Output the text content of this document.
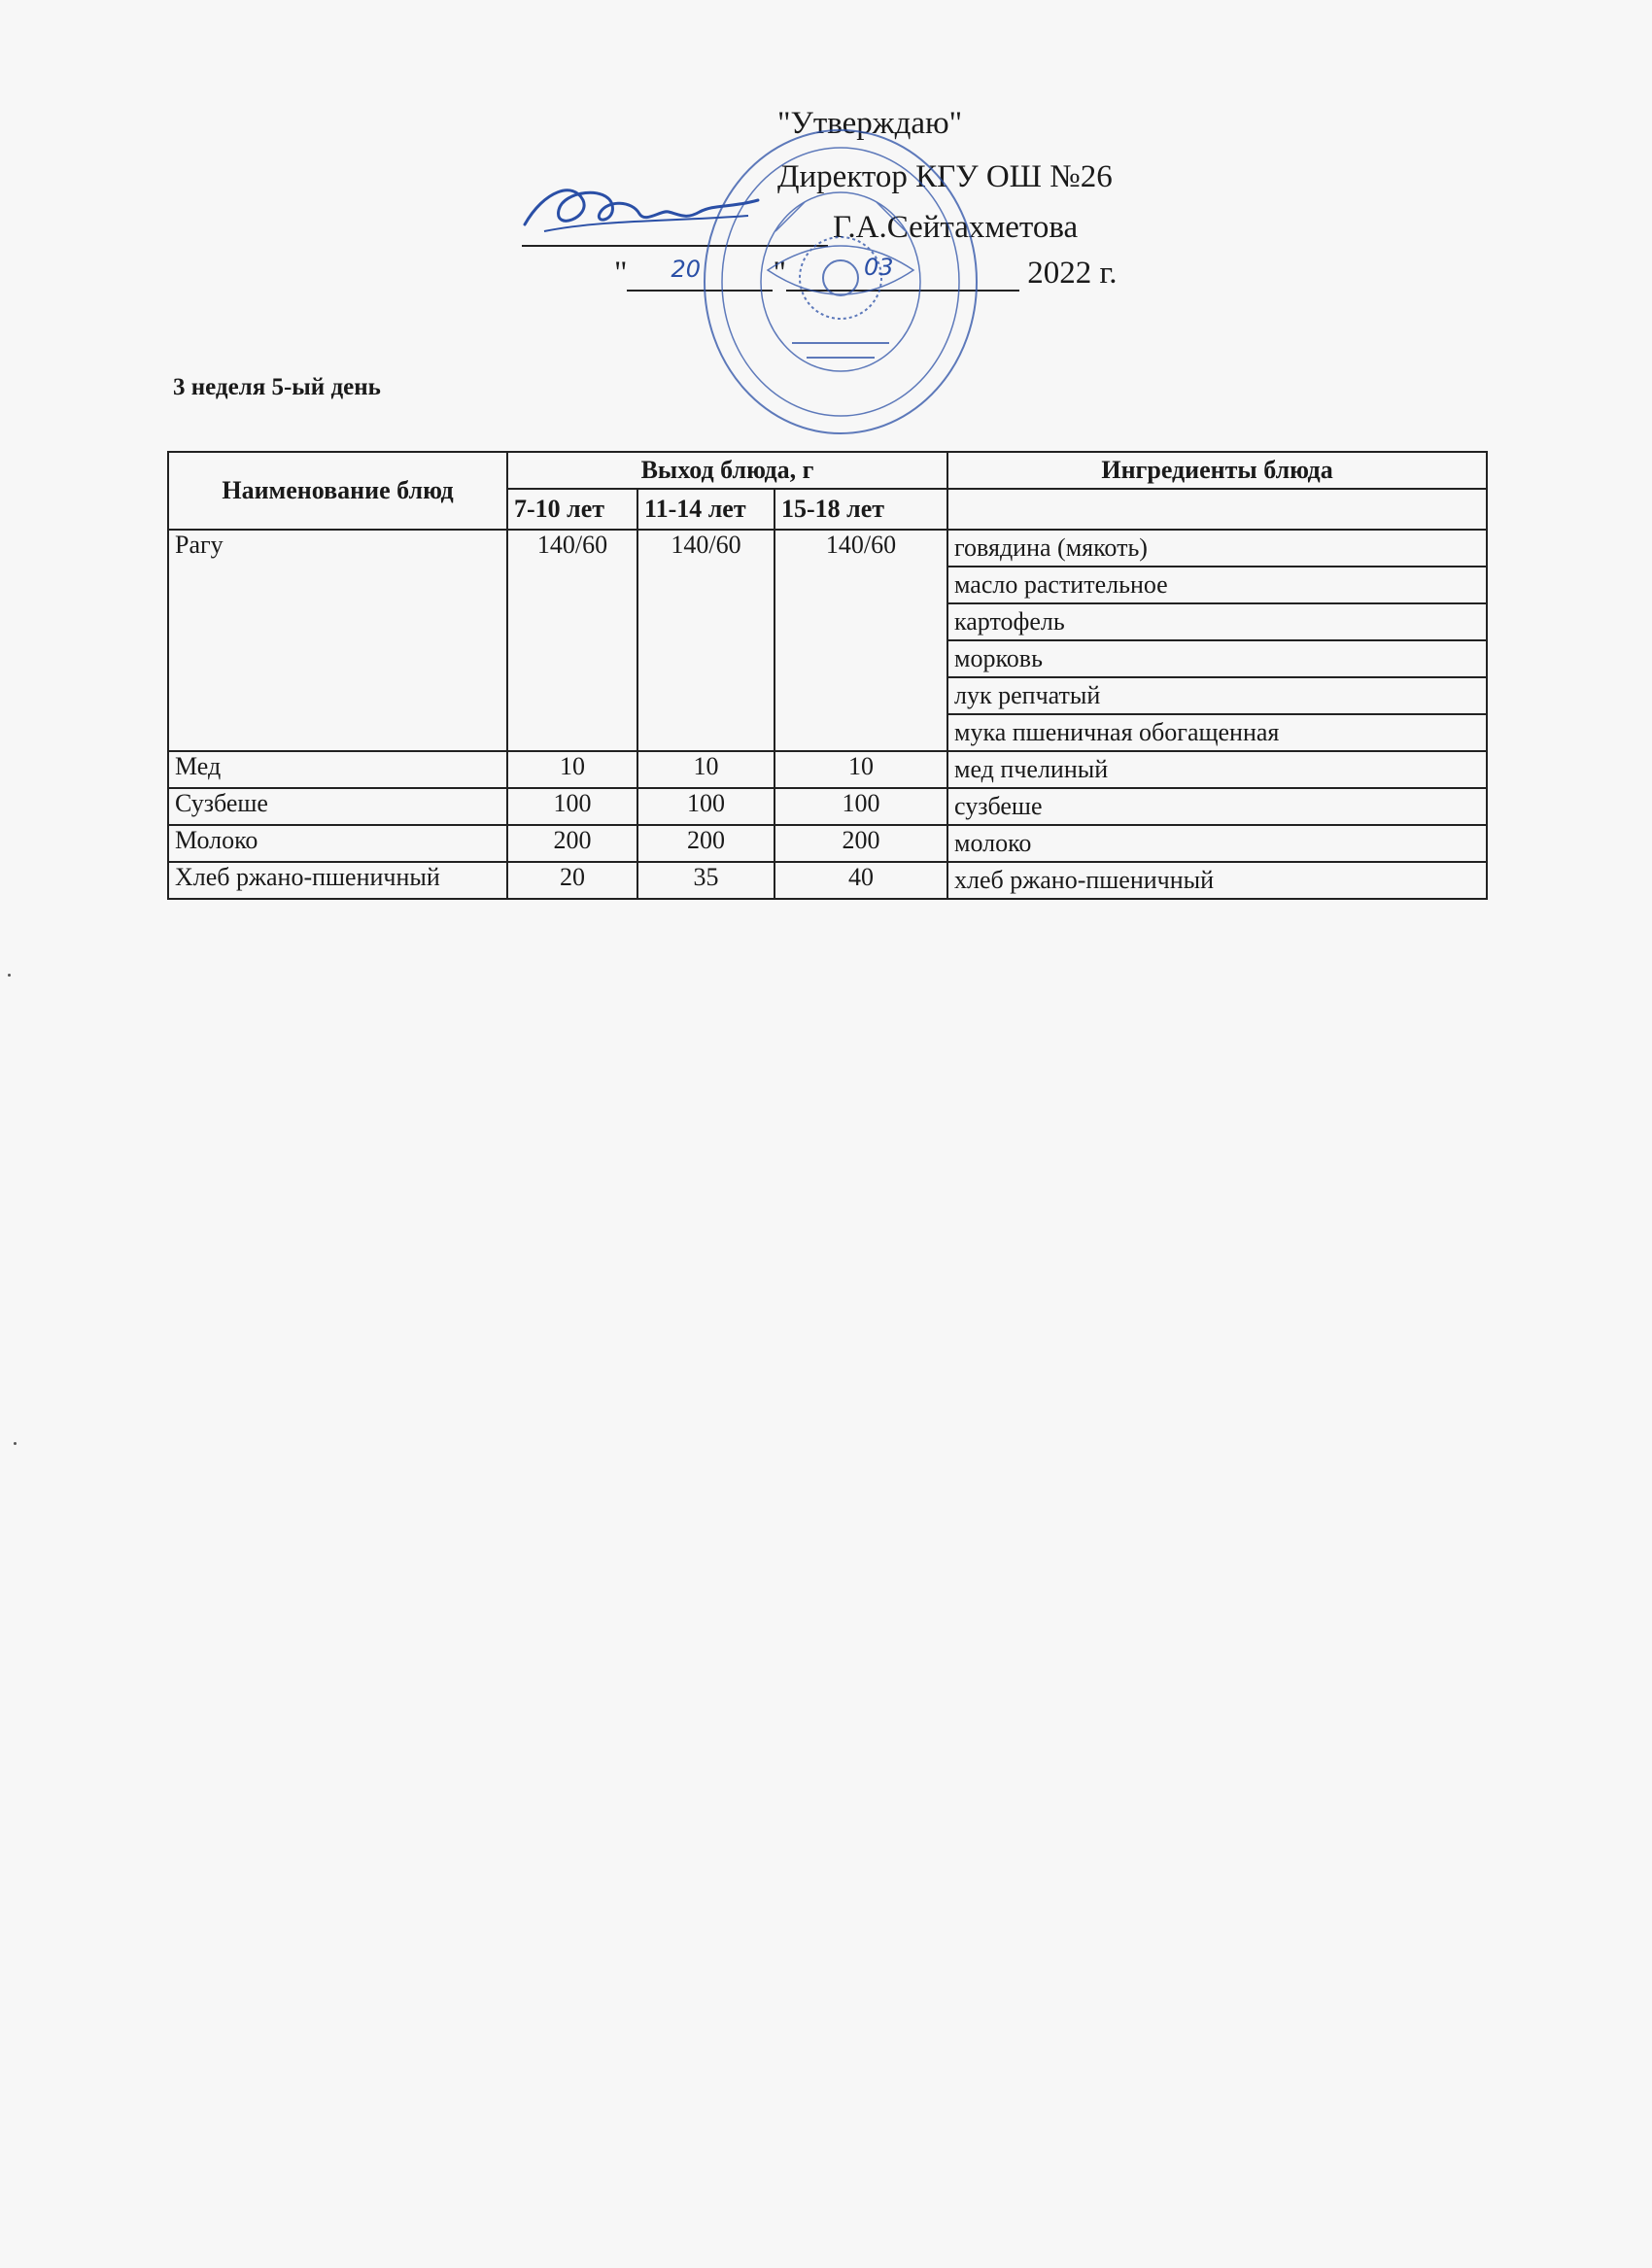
"Утверждаю"
Директор КГУ ОШ №26
Г.А.Сейтахметова
" 20 "	03	2022 г.
3 неделя 5-ый день
Наименование блюд	Выход блюда, г			Ингредиенты блюда
	7-10 лет	11-14 лет	15-18 лет	
Рагу	140/60	140/60	140/60	говядина (мякоть)
				масло растительное
				картофель
				морковь
				лук репчатый
				мука пшеничная обогащенная
Мед	10	10	10	мед пчелиный
Сузбеше	100	100	100	сузбеше
Молоко	200	200	200	молоко
Хлеб ржано-пшеничный	20	35	40	хлеб ржано-пшеничный
